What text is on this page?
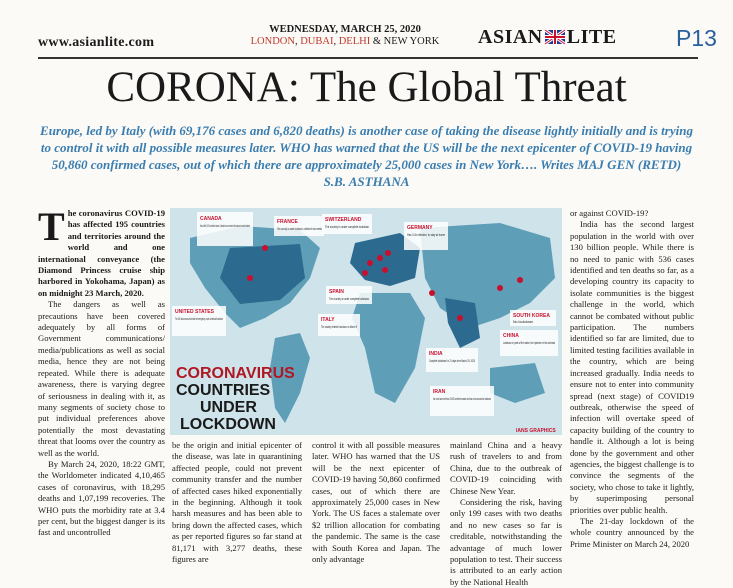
www.asianlite.com
WEDNESDAY, MARCH 25, 2020
LONDON, DUBAI, DELHI & NEW YORK	ASIAN LITE	P13
CORONA: The Global Threat
Europe, led by Italy (with 69,176 cases and 6,820 deaths) is another case of taking the disease lightly initially and is trying to control it with all possible measures later. WHO has warned that the US will be the next epicenter of COVID-19 having 50,860 confirmed cases, out of which there are approximately 25,000 cases in New York…. Writes MAJ GEN (RETD) S.B. ASTHANA
T he coronavirus COVID-19 has affected 195 countries and territories around the world and one international conveyance (the Diamond Princess cruise ship harbored in Yokohama, Japan) as on midnight 23 March, 2020.

The dangers as well as precautions have been covered adequately by all forms of Government communications/ media/publications as well as social media, hence they are not being repeated. While there is adequate awareness, there is varying degree of seriousness in dealing with it, as many segments of society chose to put individual preferences above potentially the most devastating threat that looms over the country as well as the world.

By March 24, 2020, 18:22 GMT, the Worldometer indicated 4,10,465 cases of coronavirus, with 18,295 deaths and 1,07,199 recoveries. The WHO puts the morbidity rate at 3.4 per cent, but the biggest danger is its fast and uncontrolled

CANADA
Has a little 1,500 confirmed cases, Canada has now closed its borders to most travellers
FRANCE
The country is under lockdown, confined to two weeks
SWITZERLAND
The country is under complete lockdown	GERMANY
Has 3.1k infected, to stay at home
SPAIN
The country is under complete lockdown
UNITED STATES
The US has announced a state of emergency, under a national lockdown	ITALY
The country entered lockdown on March 9
SOUTH KOREA
No lockdown
CHINA
Lockdown in parts of the nation, the epicentre of the outbreak
INDIA
Complete lockdown for 21 days from March 25, 2020
IRAN
Iran now has more than 23,000 confirmed cases and has not announced a lockdown
CORONAVIRUS
COUNTRIES
UNDER
LOCKDOWN	IANS GRAPHICS

be the origin and initial epicenter of the disease, was late in quarantining affected people, could not prevent community transfer and the number of affected cases hiked exponentially in the beginning. Although it took harsh measures and has been able to bring down the affected cases, which as per reported figures so far stand at 81,171 with 3,277 deaths, these figures are

control it with all possible measures later. WHO has warned that the US will be the next epicenter of COVID-19 having 50,860 confirmed cases, out of which there are approximately 25,000 cases in New York. The US faces a stalemate over $2 trillion allocation for combating the pandemic. The same is the case with South Korea and Japan. The only advantage

mainland China and a heavy rush of travelers to and from China, due to the outbreak of COVID-19 coinciding with Chinese New Year.

Considering the risk, having only 199 cases with two deaths and no new cases so far is creditable, notwithstanding the advantage of much lower population to test. Their success is attributed to an early action by the National Health

or against COVID-19?

India has the second largest population in the world with over 130 billion people. While there is no need to panic with 536 cases identified and ten deaths so far, as a developing country its capacity to isolate communities is the biggest challenge in the world, which cannot be combated without public participation. The numbers identified so far are limited, due to limited testing facilities available in the country, which are being increased gradually. India needs to ensure not to enter into community spread (next stage) of COVID19 outbreak, otherwise the speed of infection will overtake speed of capacity building of the country to handle it. Although a lot is being done by the government and other agencies, the biggest challenge is to convince the segments of the society, who chose to take it lightly, by superimposing personal priorities over public health.

The 21-day lockdown of the whole country announced by the Prime Minister on March 24, 2020
